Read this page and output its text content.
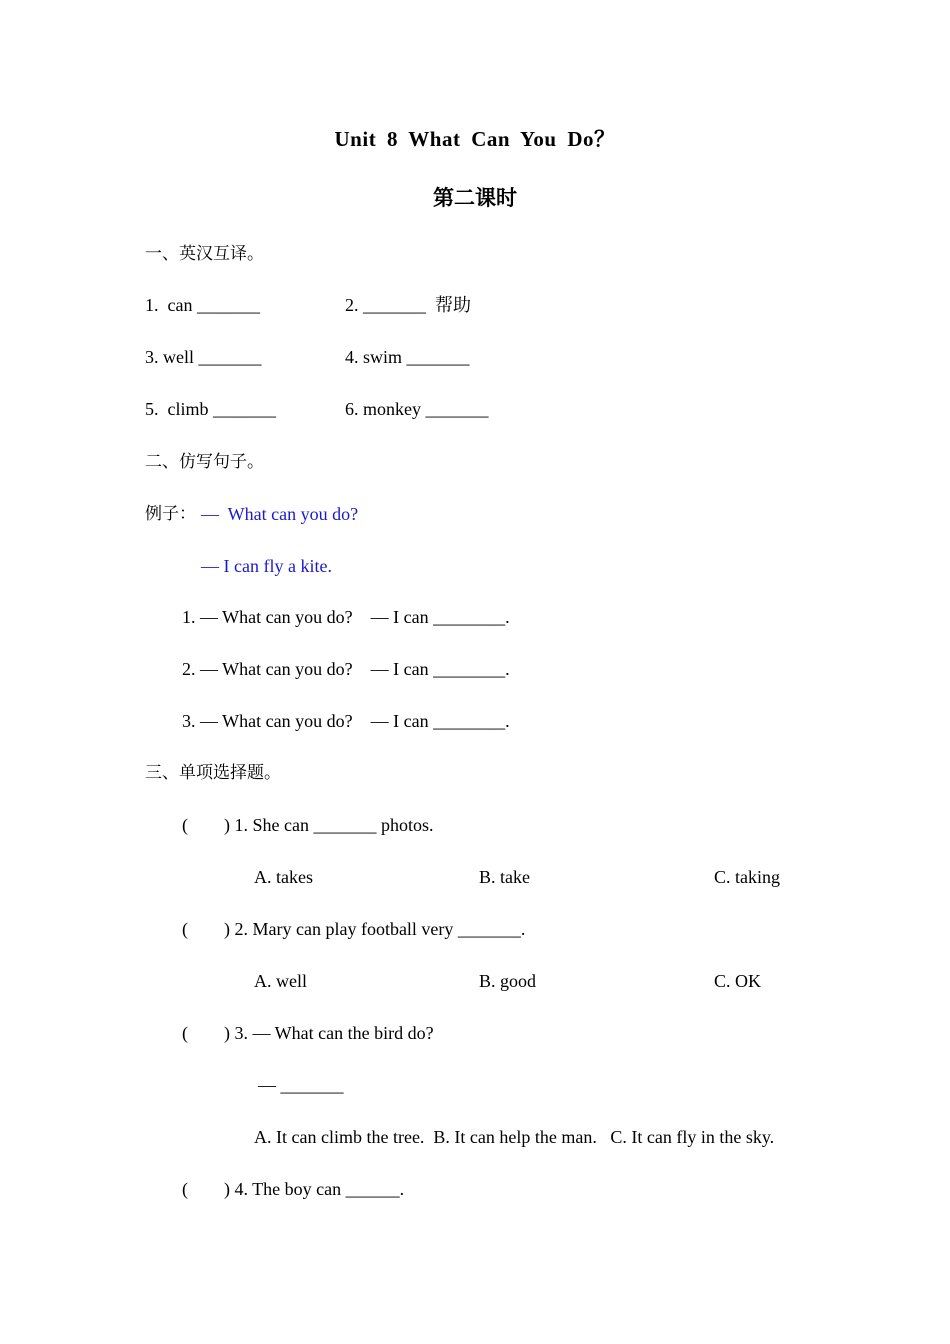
Unit 8 What Can You Do？
第二课时
一、英汉互译。
1.  can _______	2. _______  帮助
3. well _______	4. swim _______
5.  climb _______	6. monkey _______
二、仿写句子。
例子： —  What can you do?
— I can fly a kite.
1. — What can you do?    — I can ________.
2. — What can you do?    — I can ________.
3. — What can you do?    — I can ________.
三、单项选择题。
(        ) 1. She can _______ photos.
A. takes	B. take	C. taking
(        ) 2. Mary can play football very _______.
A. well	B. good	C. OK
(        ) 3. — What can the bird do?
— _______
A. It can climb the tree.  B. It can help the man.   C. It can fly in the sky.
(        ) 4. The boy can ______.
